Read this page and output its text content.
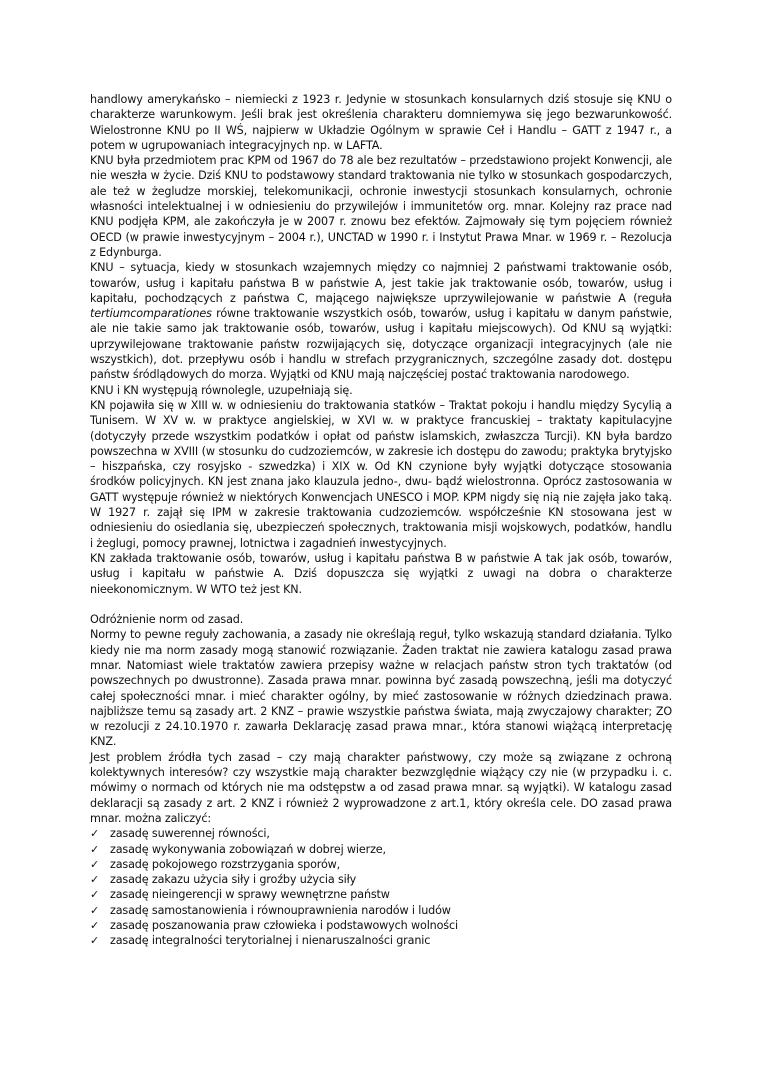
handlowy amerykańsko – niemiecki z 1923 r. Jedynie w stosunkach konsularnych dziś stosuje się KNU o charakterze warunkowym. Jeśli brak jest określenia charakteru domniemywa się jego bezwarunkowość. Wielostronne KNU po II WŚ, najpierw w Układzie Ogólnym w sprawie Ceł i Handlu – GATT z 1947 r., a potem w ugrupowaniach integracyjnych np. w LAFTA.

KNU była przedmiotem prac KPM od 1967 do 78 ale bez rezultatów – przedstawiono projekt Konwencji, ale nie weszła w życie. Dziś KNU to podstawowy standard traktowania nie tylko w stosunkach gospodarczych, ale też w żegludze morskiej, telekomunikacji, ochronie inwestycji stosunkach konsularnych, ochronie własności intelektualnej i w odniesieniu do przywilejów i immunitetów org. mnar. Kolejny raz prace nad KNU podjęła KPM, ale zakończyła je w 2007 r. znowu bez efektów. Zajmowały się tym pojęciem również OECD (w prawie inwestycyjnym – 2004 r.), UNCTAD w 1990 r. i Instytut Prawa Mnar. w 1969 r. – Rezolucja z Edynburga.

KNU – sytuacja, kiedy w stosunkach wzajemnych między co najmniej 2 państwami traktowanie osób, towarów, usług i kapitału państwa B w państwie A, jest takie jak traktowanie osób, towarów, usług i kapitału, pochodzących z państwa C, mającego największe uprzywilejowanie w państwie A (reguła tertiumcomparationes równe traktowanie wszystkich osób, towarów, usług i kapitału w danym państwie, ale nie takie samo jak traktowanie osób, towarów, usług i kapitału miejscowych). Od KNU są wyjątki: uprzywilejowane traktowanie państw rozwijających się, dotyczące organizacji integracyjnych (ale nie wszystkich), dot. przepływu osób i handlu w strefach przygranicznych, szczególne zasady dot. dostępu państw śródlądowych do morza. Wyjątki od KNU mają najczęściej postać traktowania narodowego.

KNU i KN występują równolegle, uzupełniają się.

KN pojawiła się w XIII w. w odniesieniu do traktowania statków – Traktat pokoju i handlu między Sycylią a Tunisem. W XV w. w praktyce angielskiej, w XVI w. w praktyce francuskiej – traktaty kapitulacyjne (dotyczyły przede wszystkim podatków i opłat od państw islamskich, zwłaszcza Turcji). KN była bardzo powszechna w XVIII (w stosunku do cudzoziemców, w zakresie ich dostępu do zawodu; praktyka brytyjsko – hiszpańska, czy rosyjsko - szwedzka) i XIX w. Od KN czynione były wyjątki dotyczące stosowania środków policyjnych. KN jest znana jako klauzula jedno-, dwu- bądź wielostronna. Oprócz zastosowania w GATT występuje również w niektórych Konwencjach UNESCO i MOP. KPM nigdy się nią nie zajęła jako taką. W 1927 r. zajął się IPM w zakresie traktowania cudzoziemców. współcześnie KN stosowana jest w odniesieniu do osiedlania się, ubezpieczeń społecznych, traktowania misji wojskowych, podatków, handlu i żeglugi, pomocy prawnej, lotnictwa i zagadnień inwestycyjnych.

KN zakłada traktowanie osób, towarów, usług i kapitału państwa B w państwie A tak jak osób, towarów, usług i kapitału w państwie A. Dziś dopuszcza się wyjątki z uwagi na dobra o charakterze nieekonomicznym. W WTO też jest KN.

Odróżnienie norm od zasad.

Normy to pewne reguły zachowania, a zasady nie określają reguł, tylko wskazują standard działania. Tylko kiedy nie ma norm zasady mogą stanowić rozwiązanie. Żaden traktat nie zawiera katalogu zasad prawa mnar. Natomiast wiele traktatów zawiera przepisy ważne w relacjach państw stron tych traktatów (od powszechnych po dwustronne). Zasada prawa mnar. powinna być zasadą powszechną, jeśli ma dotyczyć całej społeczności mnar. i mieć charakter ogólny, by mieć zastosowanie w różnych dziedzinach prawa. najbliższe temu są zasady art. 2 KNZ – prawie wszystkie państwa świata, mają zwyczajowy charakter; ZO w rezolucji z 24.10.1970 r. zawarła Deklarację zasad prawa mnar., która stanowi wiążącą interpretację KNZ.

Jest problem źródła tych zasad – czy mają charakter państwowy, czy może są związane z ochroną kolektywnych interesów? czy wszystkie mają charakter bezwzględnie wiążący czy nie (w przypadku i. c. mówimy o normach od których nie ma odstępstw a od zasad prawa mnar. są wyjątki). W katalogu zasad deklaracji są zasady z art. 2 KNZ i również 2 wyprowadzone z art.1, który określa cele. DO zasad prawa mnar. można zaliczyć:

✓ zasadę suwerennej równości,
✓ zasadę wykonywania zobowiązań w dobrej wierze,
✓ zasadę pokojowego rozstrzygania sporów,
✓ zasadę zakazu użycia siły i groźby użycia siły
✓ zasadę nieingerencji w sprawy wewnętrzne państw
✓ zasadę samostanowienia i równouprawnienia narodów i ludów
✓ zasadę poszanowania praw człowieka i podstawowych wolności
✓ zasadę integralności terytorialnej i nienaruszalności granic
